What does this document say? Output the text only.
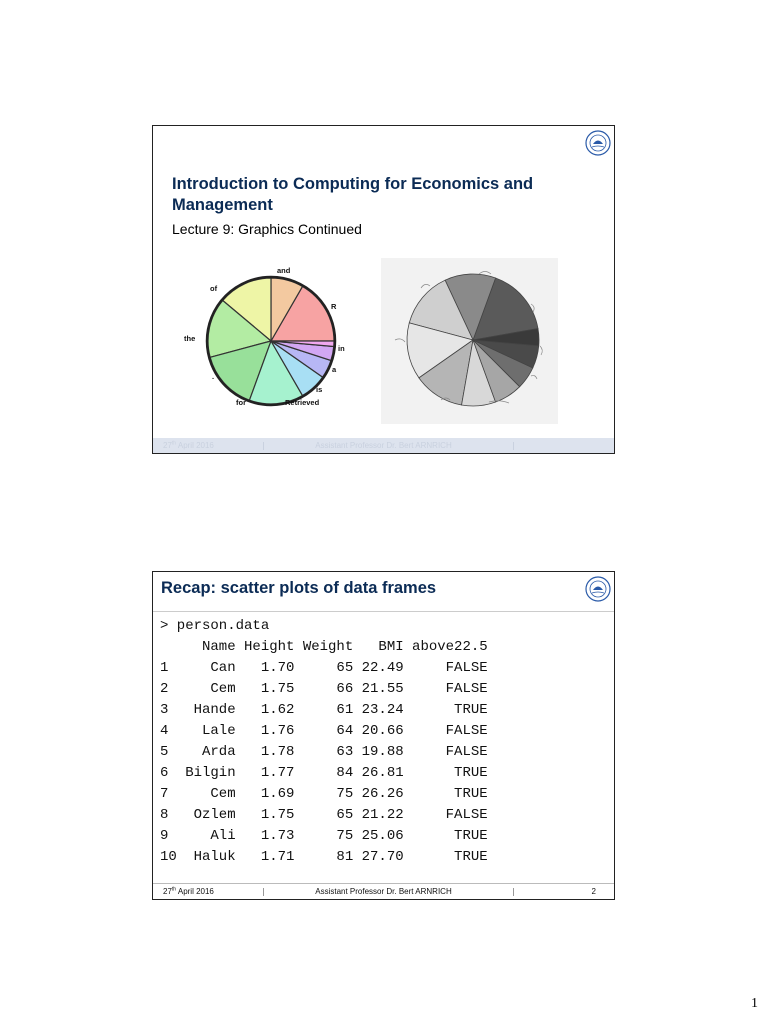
Introduction to Computing for Economics and Management

Lecture 9: Graphics Continued

and
R
in
a
is
Retrieved
for
.
the
of
27th April 2016	Assistant Professor Dr. Bert ARNRICH
Recap: scatter plots of data frames
> person.data
Name Height Weight   BMI above22.5
1     Can   1.70     65 22.49     FALSE
2     Cem   1.75     66 21.55     FALSE
3   Hande   1.62     61 23.24      TRUE
4    Lale   1.76     64 20.66     FALSE
5    Arda   1.78     63 19.88     FALSE
6  Bilgin   1.77     84 26.81      TRUE
7     Cem   1.69     75 26.26      TRUE
8   Ozlem   1.75     65 21.22     FALSE
9     Ali   1.73     75 25.06      TRUE
10  Haluk   1.71     81 27.70      TRUE
27th April 2016	Assistant Professor Dr. Bert ARNRICH	2
1
